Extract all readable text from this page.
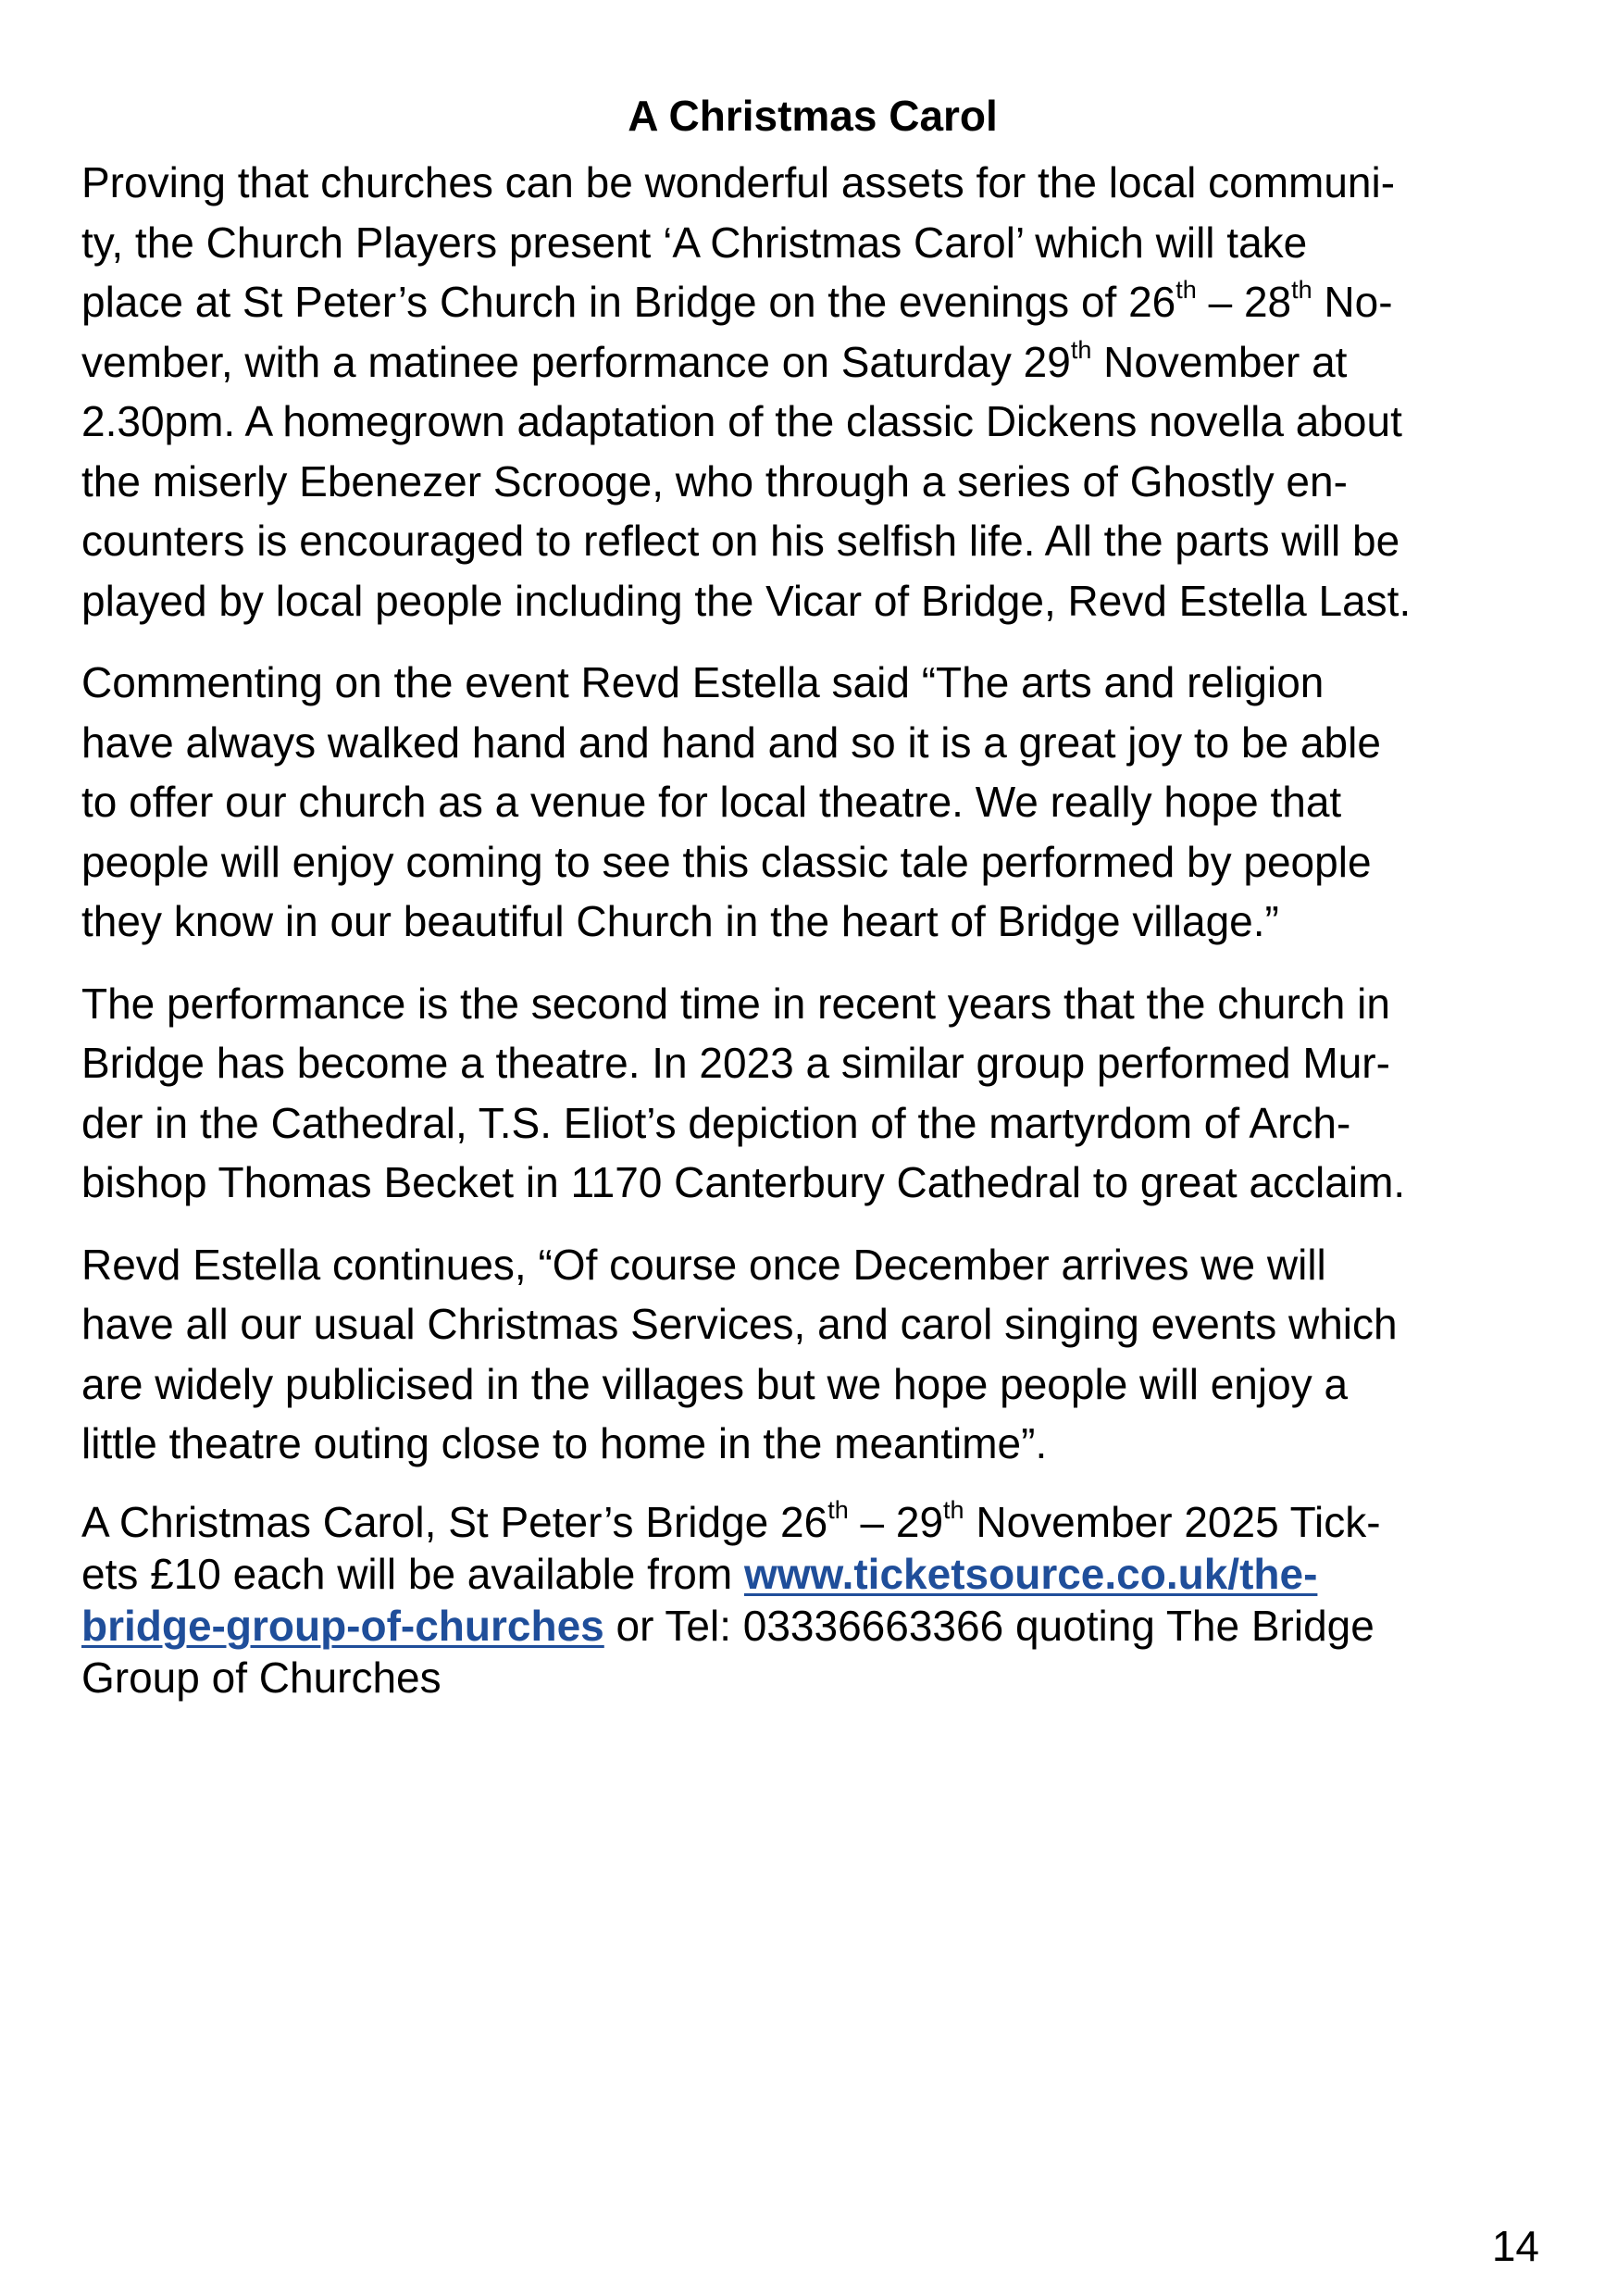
A Christmas Carol
Proving that churches can be wonderful assets for the local communi-
ty, the Church Players present ‘A Christmas Carol’ which will take
place at St Peter’s Church in Bridge on the evenings of 26th – 28th No-
vember, with a matinee performance on Saturday 29th November at
2.30pm. A homegrown adaptation of the classic Dickens novella about
the miserly Ebenezer Scrooge, who through a series of Ghostly en-
counters is encouraged to reflect on his selfish life. All the parts will be
played by local people including the Vicar of Bridge, Revd Estella Last.
Commenting on the event Revd Estella said “The arts and religion
have always walked hand and hand and so it is a great joy to be able
to offer our church as a venue for local theatre. We really hope that
people will enjoy coming to see this classic tale performed by people
they know in our beautiful Church in the heart of Bridge village.”
The performance is the second time in recent years that the church in
Bridge has become a theatre. In 2023 a similar group performed Mur-
der in the Cathedral, T.S. Eliot’s depiction of the martyrdom of Arch-
bishop Thomas Becket in 1170 Canterbury Cathedral to great acclaim.
Revd Estella continues, “Of course once December arrives we will
have all our usual Christmas Services, and carol singing events which
are widely publicised in the villages but we hope people will enjoy a
little theatre outing close to home in the meantime”.
A Christmas Carol, St Peter’s Bridge 26th – 29th November 2025 Tick-
ets £10 each will be available from www.ticketsource.co.uk/the-
bridge-group-of-churches or Tel: 03336663366 quoting The Bridge
Group of Churches
14
